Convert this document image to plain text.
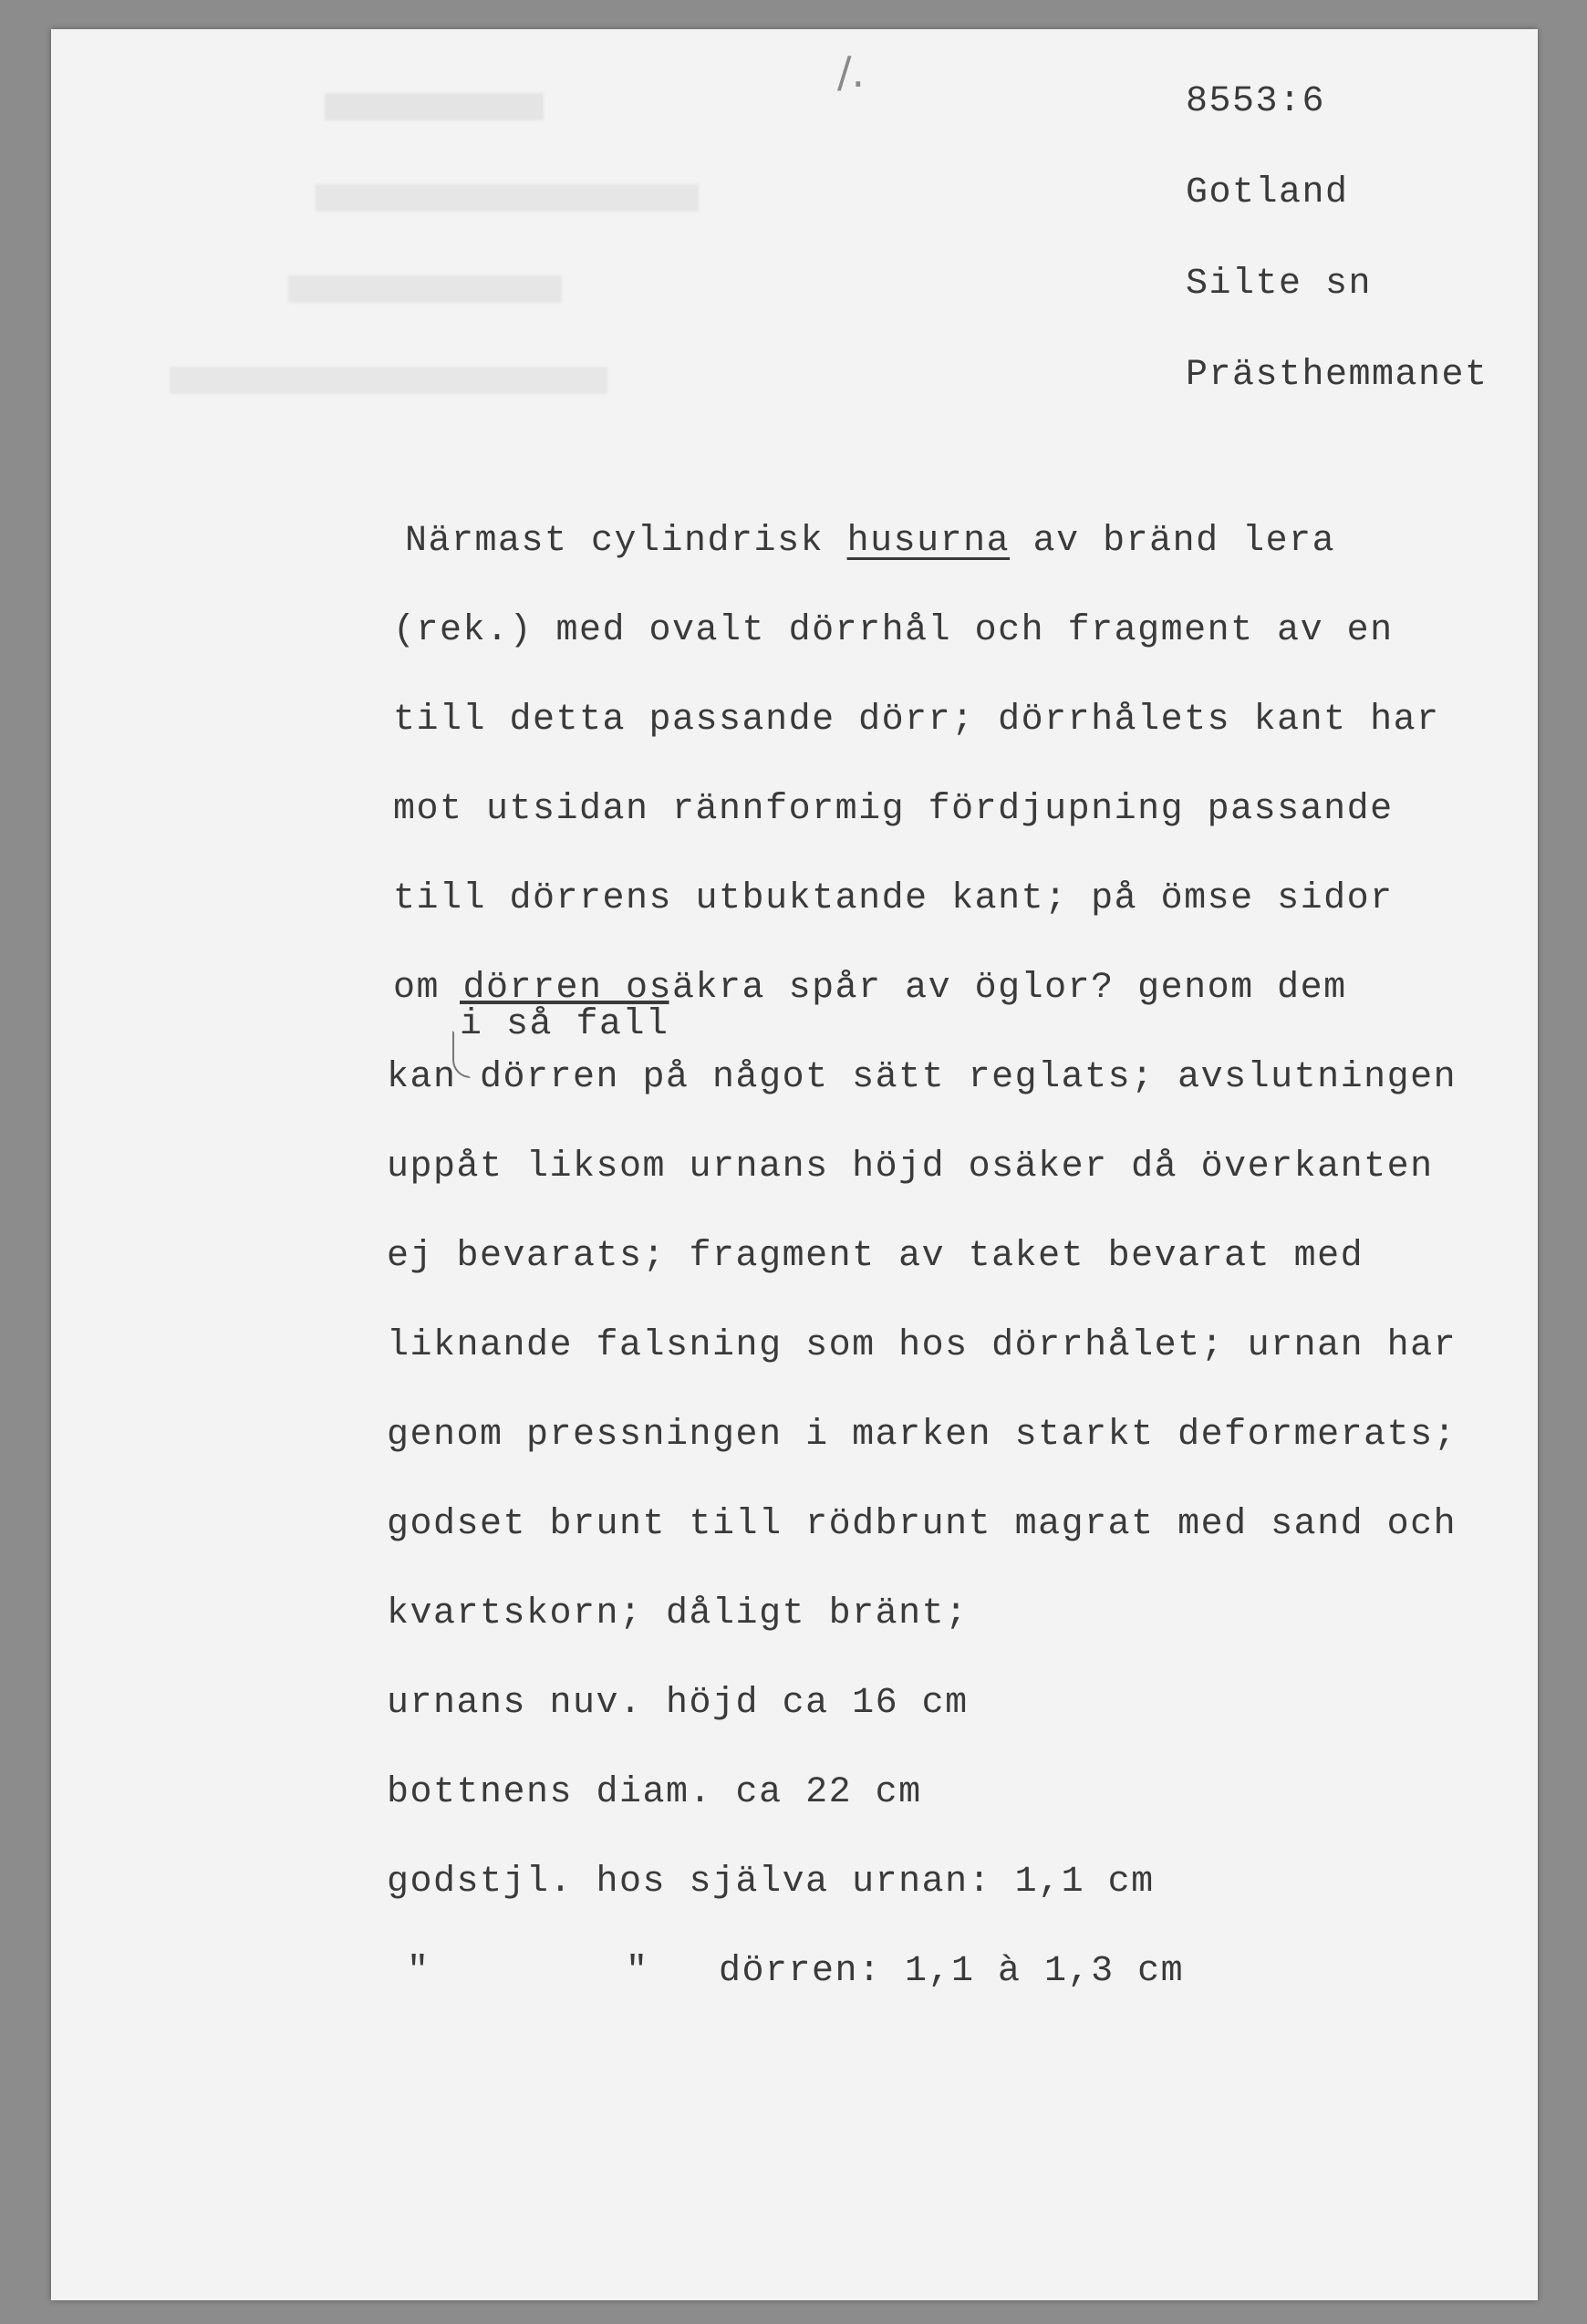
/.
8553:6
Gotland
Silte sn
Prästhemmanet
Närmast cylindrisk husurna av bränd lera
(rek.) med ovalt dörrhål och fragment av en
till detta passande dörr; dörrhålets kant har
mot utsidan rännformig fördjupning passande
till dörrens utbuktande kant; på ömse sidor
om dörren osäkra spår av öglor? genom dem
i så fall
kan dörren på något sätt reglats; avslutningen
uppåt liksom urnans höjd osäker då överkanten
ej bevarats; fragment av taket bevarat med
liknande falsning som hos dörrhålet; urnan har
genom pressningen i marken starkt deformerats;
godset brunt till rödbrunt magrat med sand och
kvartskorn; dåligt bränt;
urnans nuv. höjd ca 16 cm
bottnens diam. ca 22 cm
godstjl. hos själva urnan: 1,1 cm
"	" dörren: 1,1 à 1,3 cm
